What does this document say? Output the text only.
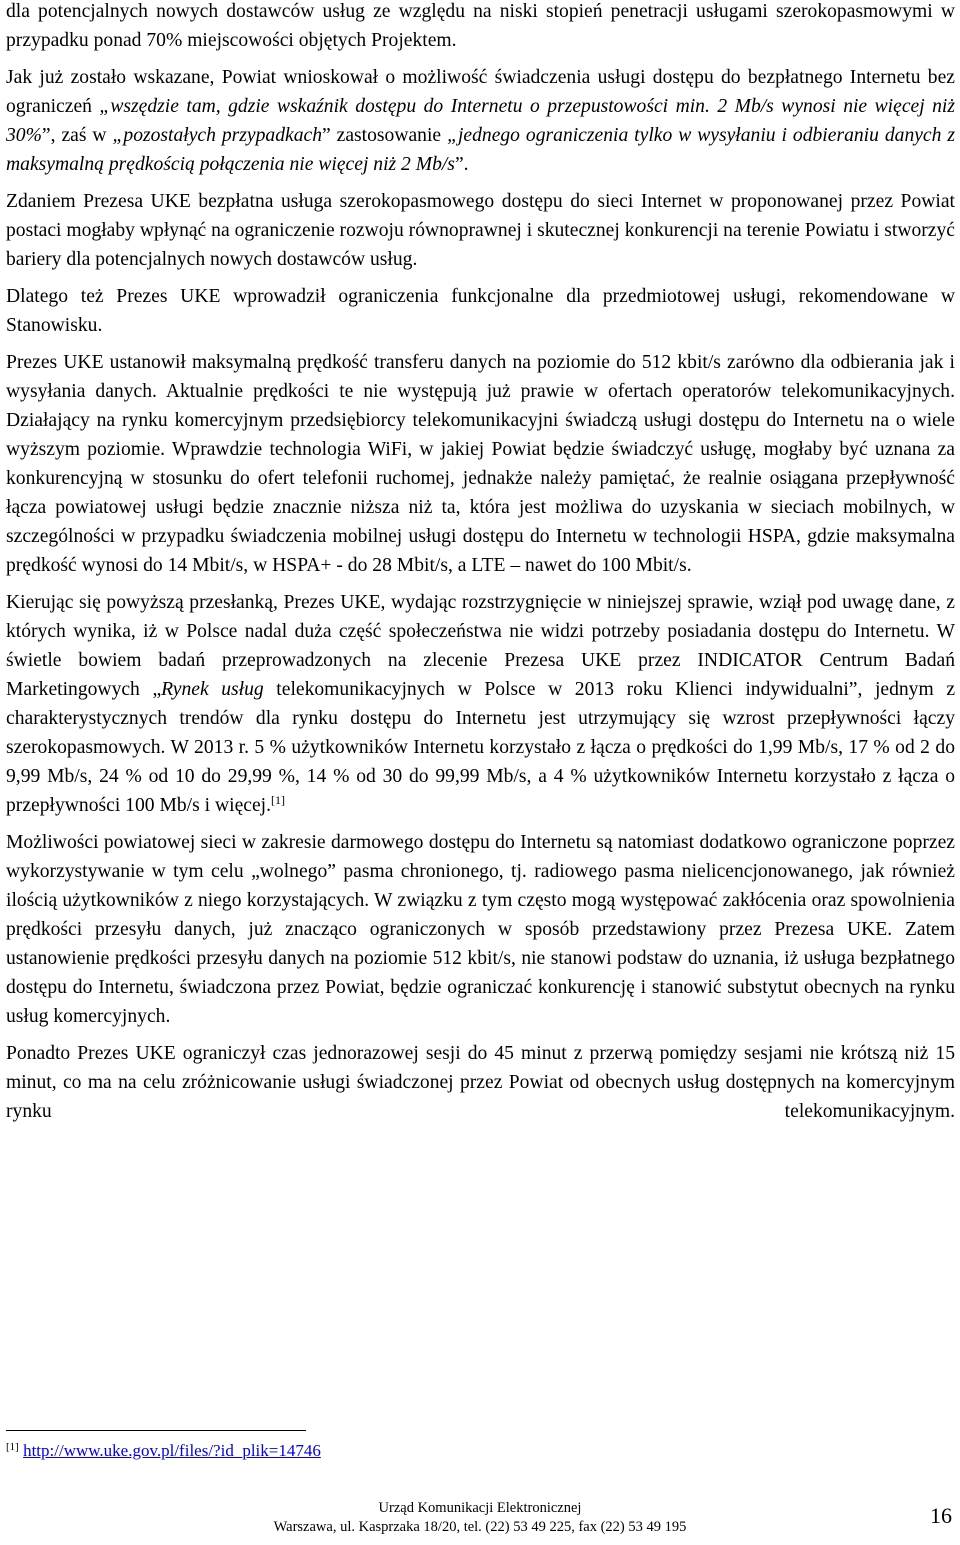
dla potencjalnych nowych dostawców usług ze względu na niski stopień penetracji usługami szerokopasmowymi w przypadku ponad 70% miejscowości objętych Projektem.

Jak już zostało wskazane, Powiat wnioskował o możliwość świadczenia usługi dostępu do bezpłatnego Internetu bez ograniczeń „wszędzie tam, gdzie wskaźnik dostępu do Internetu o przepustowości min. 2 Mb/s wynosi nie więcej niż 30%”, zaś w „pozostałych przypadkach” zastosowanie „jednego ograniczenia tylko w wysyłaniu i odbieraniu danych z maksymalną prędkością połączenia nie więcej niż 2 Mb/s”.

Zdaniem Prezesa UKE bezpłatna usługa szerokopasmowego dostępu do sieci Internet w proponowanej przez Powiat postaci mogłaby wpłynąć na ograniczenie rozwoju równoprawnej i skutecznej konkurencji na terenie Powiatu i stworzyć bariery dla potencjalnych nowych dostawców usług.

Dlatego też Prezes UKE wprowadził ograniczenia funkcjonalne dla przedmiotowej usługi, rekomendowane w Stanowisku.

Prezes UKE ustanowił maksymalną prędkość transferu danych na poziomie do 512 kbit/s zarówno dla odbierania jak i wysyłania danych. Aktualnie prędkości te nie występują już prawie w ofertach operatorów telekomunikacyjnych. Działający na rynku komercyjnym przedsiębiorcy telekomunikacyjni świadczą usługi dostępu do Internetu na o wiele wyższym poziomie. Wprawdzie technologia WiFi, w jakiej Powiat będzie świadczyć usługę, mogłaby być uznana za konkurencyjną w stosunku do ofert telefonii ruchomej, jednakże należy pamiętać, że realnie osiągana przepływność łącza powiatowej usługi będzie znacznie niższa niż ta, która jest możliwa do uzyskania w sieciach mobilnych, w szczególności w przypadku świadczenia mobilnej usługi dostępu do Internetu w technologii HSPA, gdzie maksymalna prędkość wynosi do 14 Mbit/s, w HSPA+ - do 28 Mbit/s, a LTE – nawet do 100 Mbit/s.

Kierując się powyższą przesłanką, Prezes UKE, wydając rozstrzygnięcie w niniejszej sprawie, wziął pod uwagę dane, z których wynika, iż w Polsce nadal duża część społeczeństwa nie widzi potrzeby posiadania dostępu do Internetu. W świetle bowiem badań przeprowadzonych na zlecenie Prezesa UKE przez INDICATOR Centrum Badań Marketingowych „Rynek usług telekomunikacyjnych w Polsce w 2013 roku Klienci indywidualni”, jednym z charakterystycznych trendów dla rynku dostępu do Internetu jest utrzymujący się wzrost przepływności łączy szerokopasmowych. W 2013 r. 5 % użytkowników Internetu korzystało z łącza o prędkości do 1,99 Mb/s, 17 % od 2 do 9,99 Mb/s, 24 % od 10 do 29,99 %, 14 % od 30 do 99,99 Mb/s, a 4 % użytkowników Internetu korzystało z łącza o przepływności 100 Mb/s i więcej.[1]

Możliwości powiatowej sieci w zakresie darmowego dostępu do Internetu są natomiast dodatkowo ograniczone poprzez wykorzystywanie w tym celu „wolnego” pasma chronionego, tj. radiowego pasma nielicencjonowanego, jak również ilością użytkowników z niego korzystających. W związku z tym często mogą występować zakłócenia oraz spowolnienia prędkości przesyłu danych, już znacząco ograniczonych w sposób przedstawiony przez Prezesa UKE. Zatem ustanowienie prędkości przesyłu danych na poziomie 512 kbit/s, nie stanowi podstaw do uznania, iż usługa bezpłatnego dostępu do Internetu, świadczona przez Powiat, będzie ograniczać konkurencję i stanowić substytut obecnych na rynku usług komercyjnych.

Ponadto Prezes UKE ograniczył czas jednorazowej sesji do 45 minut z przerwą pomiędzy sesjami nie krótszą niż 15 minut, co ma na celu zróżnicowanie usługi świadczonej przez Powiat od obecnych usług dostępnych na komercyjnym rynku telekomunikacyjnym.

[1] http://www.uke.gov.pl/files/?id_plik=14746
Urząd Komunikacji Elektronicznej
Warszawa, ul. Kasprzaka 18/20, tel. (22) 53 49 225, fax (22) 53 49 195	16
